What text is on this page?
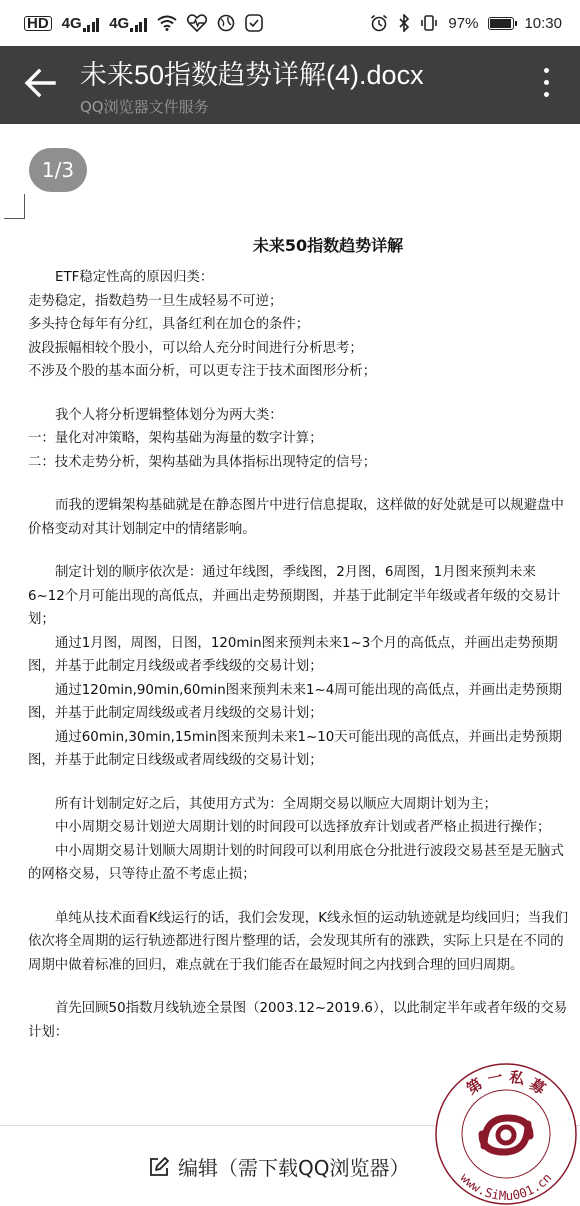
HD 4G 4G	97%	10:30
未来50指数趋势详解(4).docx
QQ浏览器文件服务
1/3
未来50指数趋势详解

ETF稳定性高的原因归类：

走势稳定，指数趋势一旦生成轻易不可逆；

多头持仓每年有分红，具备红利在加仓的条件；

波段振幅相较个股小，可以给人充分时间进行分析思考；

不涉及个股的基本面分析，可以更专注于技术面图形分析；

我个人将分析逻辑整体划分为两大类：

一：量化对冲策略，架构基础为海量的数字计算；

二：技术走势分析，架构基础为具体指标出现特定的信号；

而我的逻辑架构基础就是在静态图片中进行信息提取，这样做的好处就是可以规避盘中价格变动对其计划制定中的情绪影响。

制定计划的顺序依次是：通过年线图，季线图，2月图，6周图，1月图来预判未来6~12个月可能出现的高低点，并画出走势预期图，并基于此制定半年级或者年级的交易计划；

通过1月图，周图，日图，120min图来预判未来1~3个月的高低点，并画出走势预期图，并基于此制定月线级或者季线级的交易计划；

通过120min,90min,60min图来预判未来1~4周可能出现的高低点，并画出走势预期图，并基于此制定周线级或者月线级的交易计划；

通过60min,30min,15min图来预判未来1~10天可能出现的高低点，并画出走势预期图，并基于此制定日线级或者周线级的交易计划；

所有计划制定好之后，其使用方式为：全周期交易以顺应大周期计划为主；

中小周期交易计划逆大周期计划的时间段可以选择放弃计划或者严格止损进行操作；

中小周期交易计划顺大周期计划的时间段可以利用底仓分批进行波段交易甚至是无脑式的网格交易，只等待止盈不考虑止损；

单纯从技术面看K线运行的话，我们会发现，K线永恒的运动轨迹就是均线回归；当我们依次将全周期的运行轨迹都进行图片整理的话，会发现其所有的涨跌，实际上只是在不同的周期中做着标准的回归，难点就在于我们能否在最短时间之内找到合理的回归周期。

首先回顾50指数月线轨迹全景图（2003.12~2019.6），以此制定半年或者年级的交易计划：

编辑（需下载QQ浏览器）
第 一 私 募
www.SiMu001.cn
